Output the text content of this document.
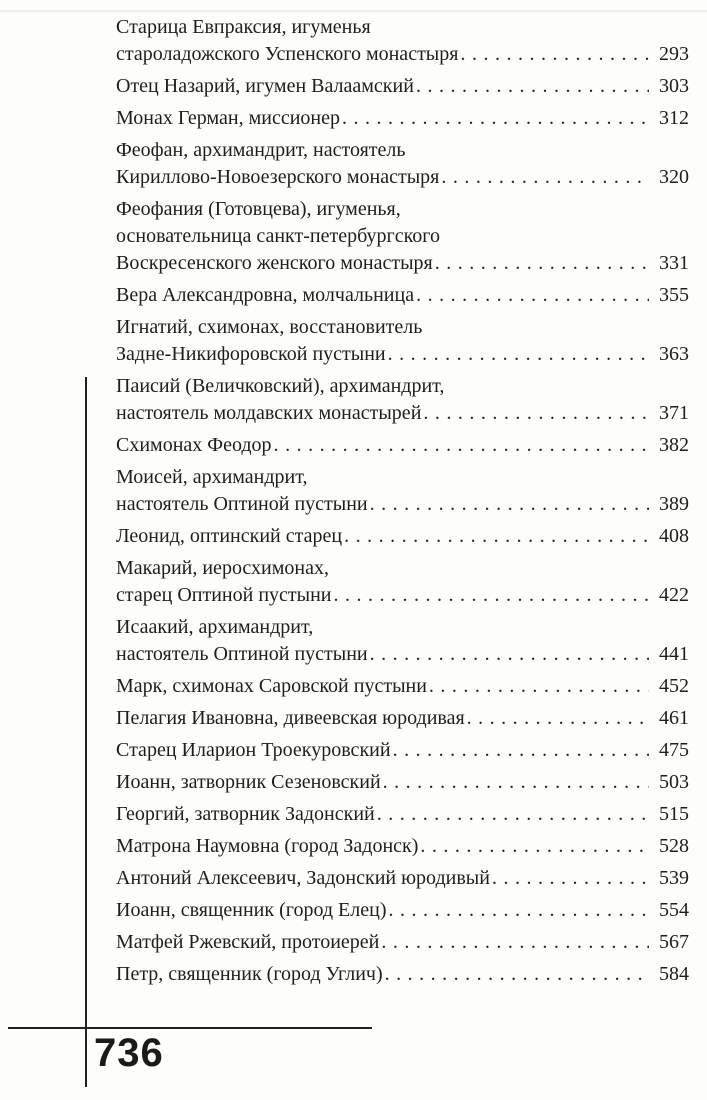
Старица Евпраксия, игуменья
староладожского Успенского монастыря .....	293
Отец Назарий, игумен Валаамский .....	303
Монах Герман, миссионер .....	312
Феофан, архимандрит, настоятель
Кириллово-Новоезерского монастыря .....	320
Феофания (Готовцева), игуменья,
основательница санкт-петербургского
Воскресенского женского монастыря .....	331
Вера Александровна, молчальница .....	355
Игнатий, схимонах, восстановитель
Задне-Никифоровской пустыни .....	363
Паисий (Величковский), архимандрит,
настоятель молдавских монастырей .....	371
Схимонах Феодор .....	382
Моисей, архимандрит,
настоятель Оптиной пустыни .....	389
Леонид, оптинский старец .....	408
Макарий, иеросхимонах,
старец Оптиной пустыни .....	422
Исаакий, архимандрит,
настоятель Оптиной пустыни .....	441
Марк, схимонах Саровской пустыни .....	452
Пелагия Ивановна, дивеевская юродивая .....	461
Старец Иларион Троекуровский .....	475
Иоанн, затворник Сезеновский .....	503
Георгий, затворник Задонский .....	515
Матрона Наумовна (город Задонск) .....	528
Антоний Алексеевич, Задонский юродивый .....	539
Иоанн, священник (город Елец) .....	554
Матфей Ржевский, протоиерей .....	567
Петр, священник (город Углич) .....	584
736
